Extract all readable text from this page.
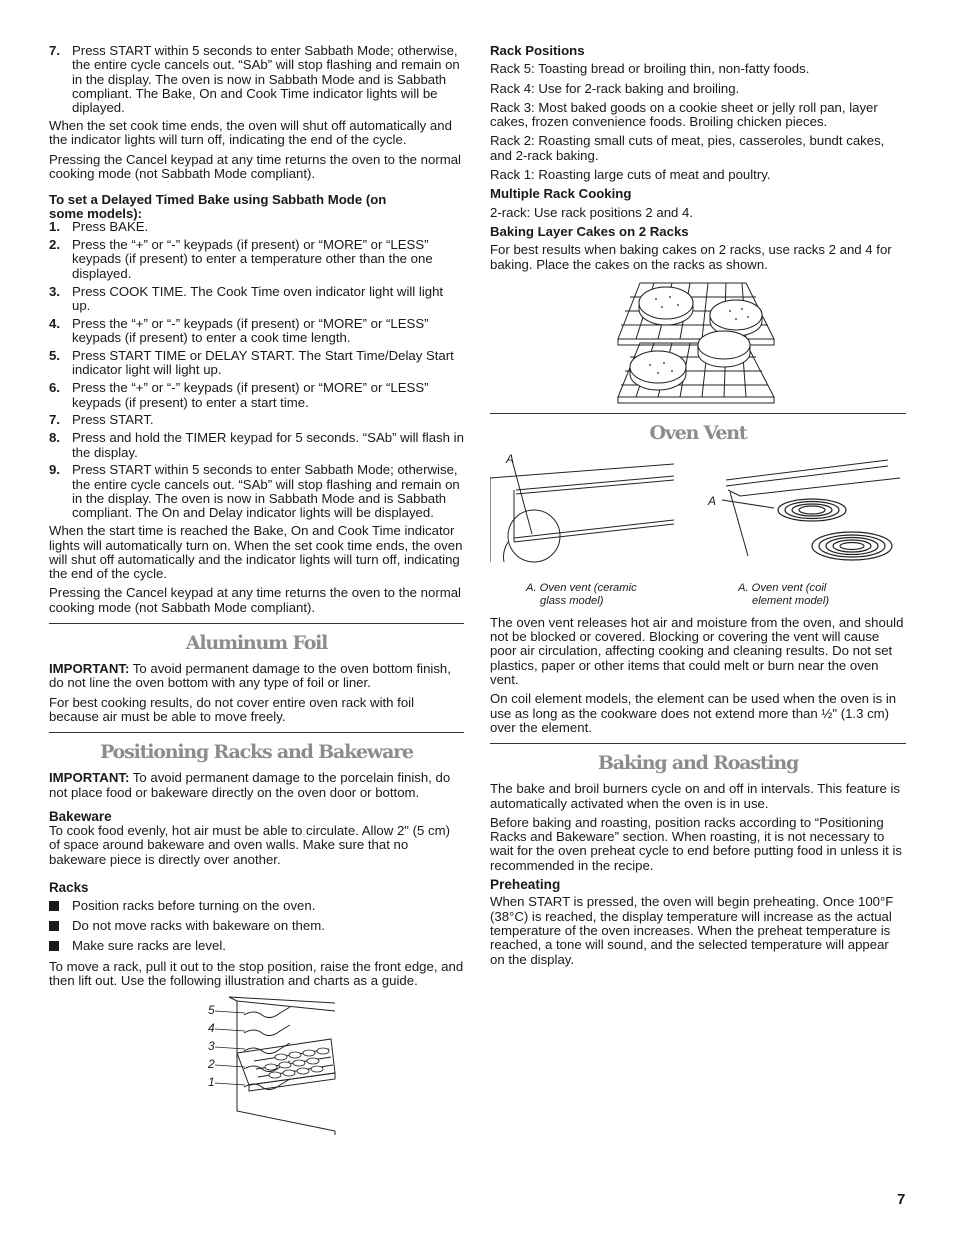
7. Press START within 5 seconds to enter Sabbath Mode; otherwise, the entire cycle cancels out. “SAb” will stop flashing and remain on in the display. The oven is now in Sabbath Mode and is Sabbath compliant. The Bake, On and Cook Time indicator lights will be diplayed.

When the set cook time ends, the oven will shut off automatically and the indicator lights will turn off, indicating the end of the cycle.

Pressing the Cancel keypad at any time returns the oven to the normal cooking mode (not Sabbath Mode compliant).

To set a Delayed Timed Bake using Sabbath Mode (on some models):
1. Press BAKE.
2. Press the “+” or “-” keypads (if present) or “MORE” or “LESS” keypads (if present) to enter a temperature other than the one displayed.
3. Press COOK TIME. The Cook Time oven indicator light will light up.
4. Press the “+” or “-” keypads (if present) or “MORE” or “LESS” keypads (if present) to enter a cook time length.
5. Press START TIME or DELAY START. The Start Time/Delay Start indicator light will light up.
6. Press the “+” or “-” keypads (if present) or “MORE” or “LESS” keypads (if present) to enter a start time.
7. Press START.
8. Press and hold the TIMER keypad for 5 seconds. “SAb” will flash in the display.
9. Press START within 5 seconds to enter Sabbath Mode; otherwise, the entire cycle cancels out. “SAb” will stop flashing and remain on in the display. The oven is now in Sabbath Mode and is Sabbath compliant. The On and Delay indicator lights will be displayed.

When the start time is reached the Bake, On and Cook Time indicator lights will automatically turn on. When the set cook time ends, the oven will shut off automatically and the indicator lights will turn off, indicating the end of the cycle.

Pressing the Cancel keypad at any time returns the oven to the normal cooking mode (not Sabbath Mode compliant).

Aluminum Foil

IMPORTANT: To avoid permanent damage to the oven bottom finish, do not line the oven bottom with any type of foil or liner.

For best cooking results, do not cover entire oven rack with foil because air must be able to move freely.

Positioning Racks and Bakeware

IMPORTANT: To avoid permanent damage to the porcelain finish, do not place food or bakeware directly on the oven door or bottom.

Bakeware

To cook food evenly, hot air must be able to circulate. Allow 2" (5 cm) of space around bakeware and oven walls. Make sure that no bakeware piece is directly over another.

Racks
Position racks before turning on the oven.
Do not move racks with bakeware on them.
Make sure racks are level.

To move a rack, pull it out to the stop position, raise the front edge, and then lift out. Use the following illustration and charts as a guide.

5
4
3
2
1
Rack Positions

Rack 5: Toasting bread or broiling thin, non-fatty foods.

Rack 4: Use for 2-rack baking and broiling.

Rack 3: Most baked goods on a cookie sheet or jelly roll pan, layer cakes, frozen convenience foods. Broiling chicken pieces.

Rack 2: Roasting small cuts of meat, pies, casseroles, bundt cakes, and 2-rack baking.

Rack 1: Roasting large cuts of meat and poultry.

Multiple Rack Cooking

2-rack: Use rack positions 2 and 4.

Baking Layer Cakes on 2 Racks

For best results when baking cakes on 2 racks, use racks 2 and 4 for baking. Place the cakes on the racks as shown.

Oven Vent
A
A
A. Oven vent (ceramic
glass model)
A. Oven vent (coil
element model)

The oven vent releases hot air and moisture from the oven, and should not be blocked or covered. Blocking or covering the vent will cause poor air circulation, affecting cooking and cleaning results. Do not set plastics, paper or other items that could melt or burn near the oven vent.

On coil element models, the element can be used when the oven is in use as long as the cookware does not extend more than ½" (1.3 cm) over the element.

Baking and Roasting

The bake and broil burners cycle on and off in intervals. This feature is automatically activated when the oven is in use.

Before baking and roasting, position racks according to “Positioning Racks and Bakeware” section. When roasting, it is not necessary to wait for the oven preheat cycle to end before putting food in unless it is recommended in the recipe.

Preheating

When START is pressed, the oven will begin preheating. Once 100°F (38°C) is reached, the display temperature will increase as the actual temperature of the oven increases. When the preheat temperature is reached, a tone will sound, and the selected temperature will appear on the display.

7
